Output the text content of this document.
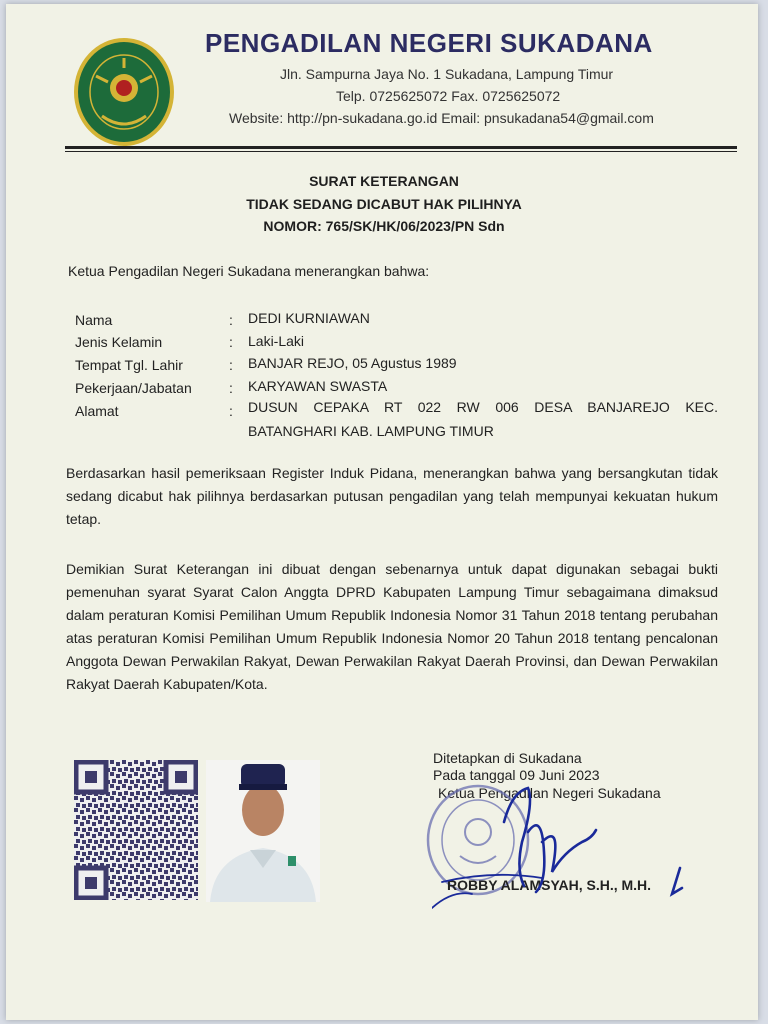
PENGADILAN NEGERI SUKADANA
Jln. Sampurna Jaya No. 1 Sukadana, Lampung Timur
Telp. 0725625072 Fax. 0725625072
Website: http://pn-sukadana.go.id Email: pnsukadana54@gmail.com
SURAT KETERANGAN
TIDAK SEDANG DICABUT HAK PILIHNYA
NOMOR: 765/SK/HK/06/2023/PN Sdn
Ketua Pengadilan Negeri Sukadana menerangkan bahwa:
Nama	: DEDI KURNIAWAN
Jenis Kelamin	: Laki-Laki
Tempat Tgl. Lahir	: BANJAR REJO, 05 Agustus 1989
Pekerjaan/Jabatan	: KARYAWAN SWASTA
Alamat	: DUSUN CEPAKA RT 022 RW 006 DESA BANJAREJO KEC.
BATANGHARI KAB. LAMPUNG TIMUR
Berdasarkan hasil pemeriksaan Register Induk Pidana, menerangkan bahwa yang bersangkutan tidak sedang dicabut hak pilihnya berdasarkan putusan pengadilan yang telah mempunyai kekuatan hukum tetap.
Demikian Surat Keterangan ini dibuat dengan sebenarnya untuk dapat digunakan sebagai bukti pemenuhan syarat Syarat Calon Anggta DPRD Kabupaten Lampung Timur sebagaimana dimaksud dalam peraturan Komisi Pemilihan Umum Republik Indonesia Nomor 31 Tahun 2018 tentang perubahan atas peraturan Komisi Pemilihan Umum Republik Indonesia Nomor 20 Tahun 2018 tentang pencalonan Anggota Dewan Perwakilan Rakyat, Dewan Perwakilan Rakyat Daerah Provinsi, dan Dewan Perwakilan Rakyat Daerah Kabupaten/Kota.
Ditetapkan di Sukadana
Pada tanggal 09 Juni 2023
Ketua Pengadilan Negeri Sukadana
ROBBY ALAMSYAH, S.H., M.H.
